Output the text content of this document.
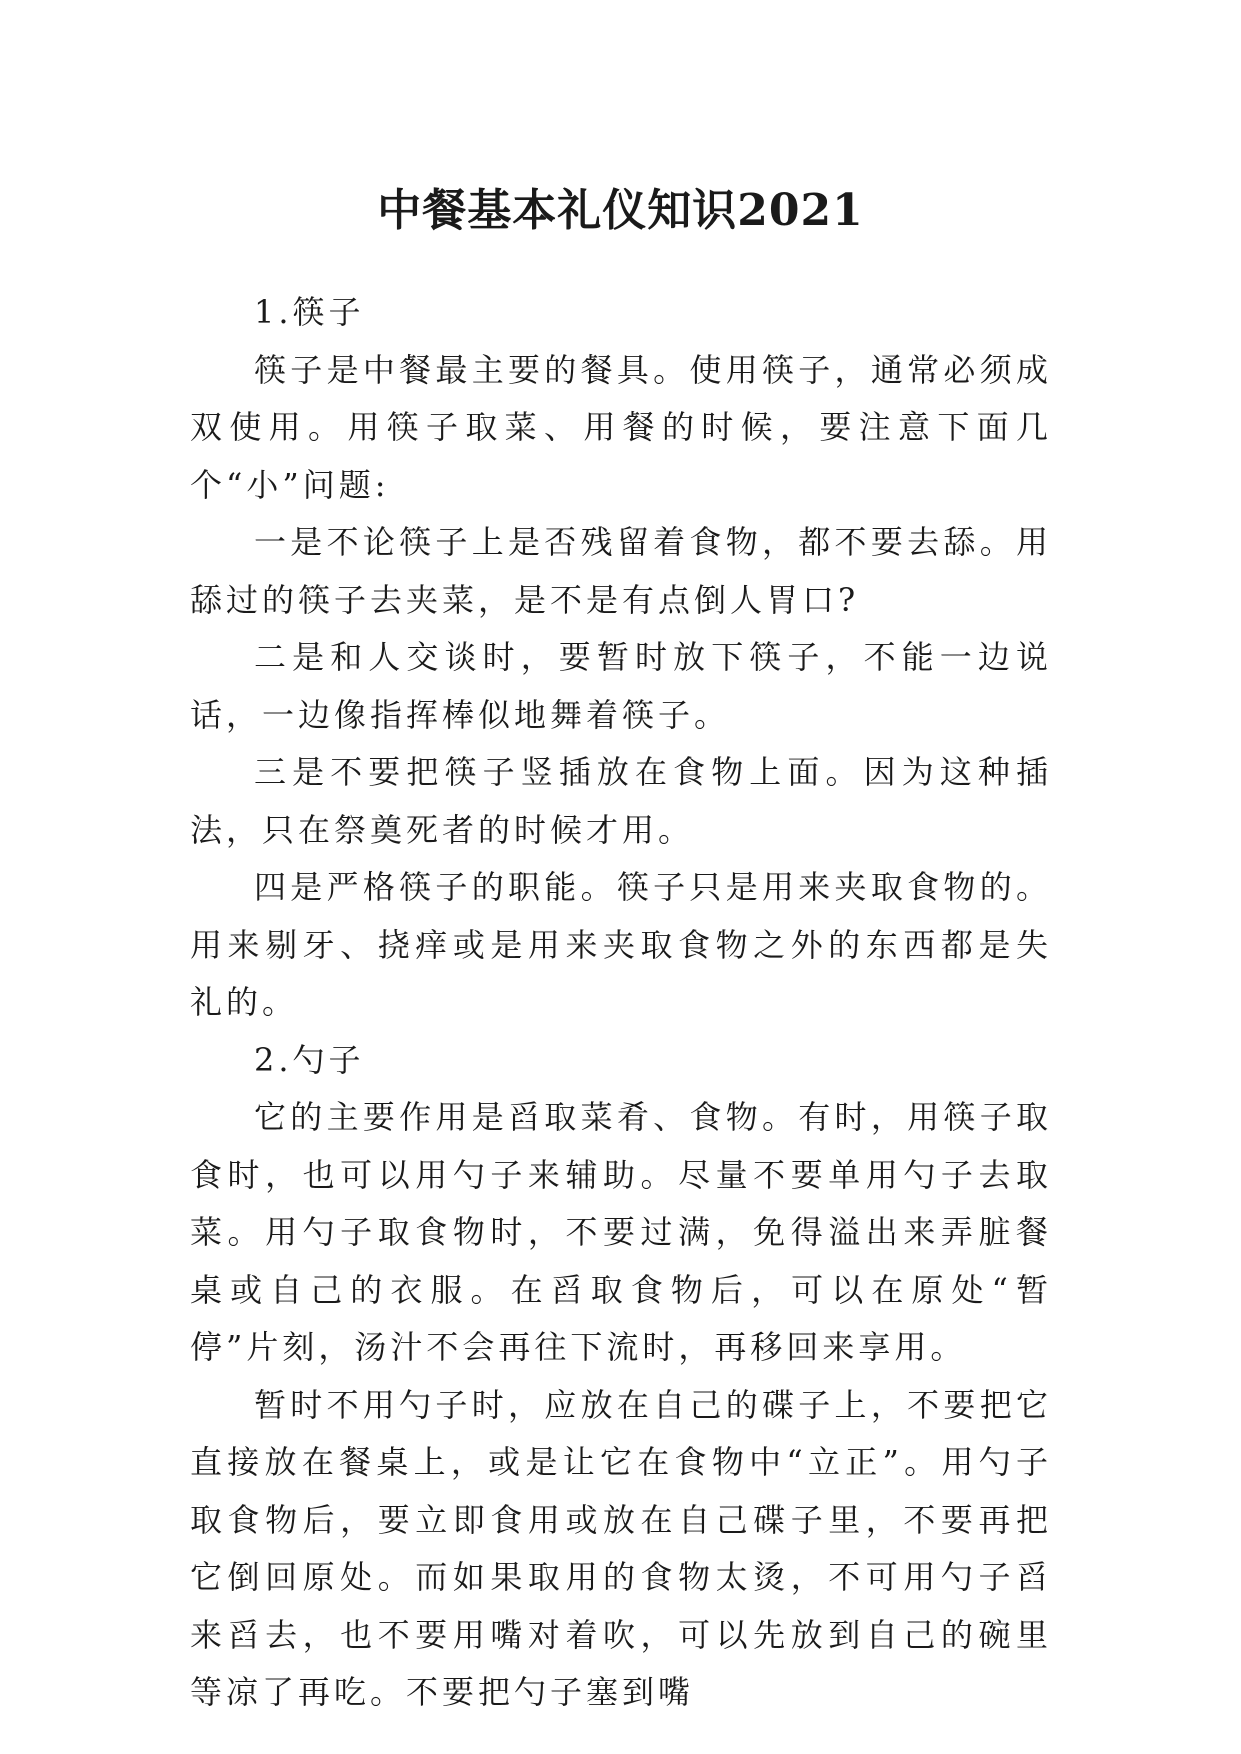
中餐基本礼仪知识2021

1.筷子

筷子是中餐最主要的餐具。使用筷子，通常必须成双使用。用筷子取菜、用餐的时候，要注意下面几个“小”问题:

一是不论筷子上是否残留着食物，都不要去舔。用舔过的筷子去夹菜，是不是有点倒人胃口?

二是和人交谈时，要暂时放下筷子，不能一边说话，一边像指挥棒似地舞着筷子。

三是不要把筷子竖插放在食物上面。因为这种插法，只在祭奠死者的时候才用。

四是严格筷子的职能。筷子只是用来夹取食物的。用来剔牙、挠痒或是用来夹取食物之外的东西都是失礼的。

2.勺子

它的主要作用是舀取菜肴、食物。有时，用筷子取食时，也可以用勺子来辅助。尽量不要单用勺子去取菜。用勺子取食物时，不要过满，免得溢出来弄脏餐桌或自己的衣服。在舀取食物后，可以在原处“暂停”片刻，汤汁不会再往下流时，再移回来享用。

暂时不用勺子时，应放在自己的碟子上，不要把它直接放在餐桌上，或是让它在食物中“立正”。用勺子取食物后，要立即食用或放在自己碟子里，不要再把它倒回原处。而如果取用的食物太烫，不可用勺子舀来舀去，也不要用嘴对着吹，可以先放到自己的碗里等凉了再吃。不要把勺子塞到嘴
